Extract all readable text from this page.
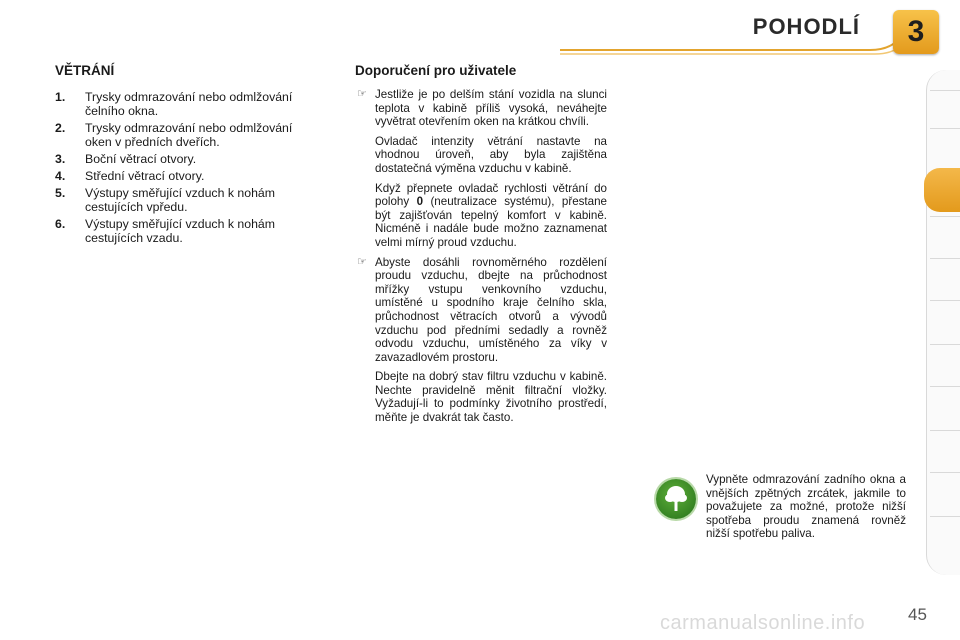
POHODLÍ	3
VĚTRÁNÍ
1.	Trysky odmrazování nebo odmlžování čelního okna.
2.	Trysky odmrazování nebo odmlžování oken v předních dveřích.
3.	Boční větrací otvory.
4.	Střední větrací otvory.
5.	Výstupy směřující vzduch k nohám cestujících vpředu.
6.	Výstupy směřující vzduch k nohám cestujících vzadu.
Doporučení pro uživatele

☞ Jestliže je po delším stání vozidla na slunci teplota v kabině příliš vysoká, neváhejte vyvětrat otevřením oken na krátkou chvíli.

Ovladač intenzity větrání nastavte na vhodnou úroveň, aby byla zajištěna dostatečná výměna vzduchu v kabině.

Když přepnete ovladač rychlosti větrání do polohy 0 (neutralizace systému), přestane být zajišťován tepelný komfort v kabině. Nicméně i nadále bude možno zaznamenat velmi mírný proud vzduchu.

☞ Abyste dosáhli rovnoměrného rozdělení proudu vzduchu, dbejte na průchodnost mřížky vstupu venkovního vzduchu, umístěné u spodního kraje čelního skla, průchodnost větracích otvorů a vývodů vzduchu pod předními sedadly a rovněž odvodu vzduchu, umístěného za víky v zavazadlovém prostoru.

Dbejte na dobrý stav filtru vzduchu v kabině. Nechte pravidelně měnit filtrační vložky. Vyžadují-li to podmínky životního prostředí, měňte je dvakrát tak často.

Vypněte odmrazování zadního okna a vnějších zpětných zrcátek, jakmile to považujete za možné, protože nižší spotřeba proudu znamená rovněž nižší spotřebu paliva.
45
carmanualsonline.info
